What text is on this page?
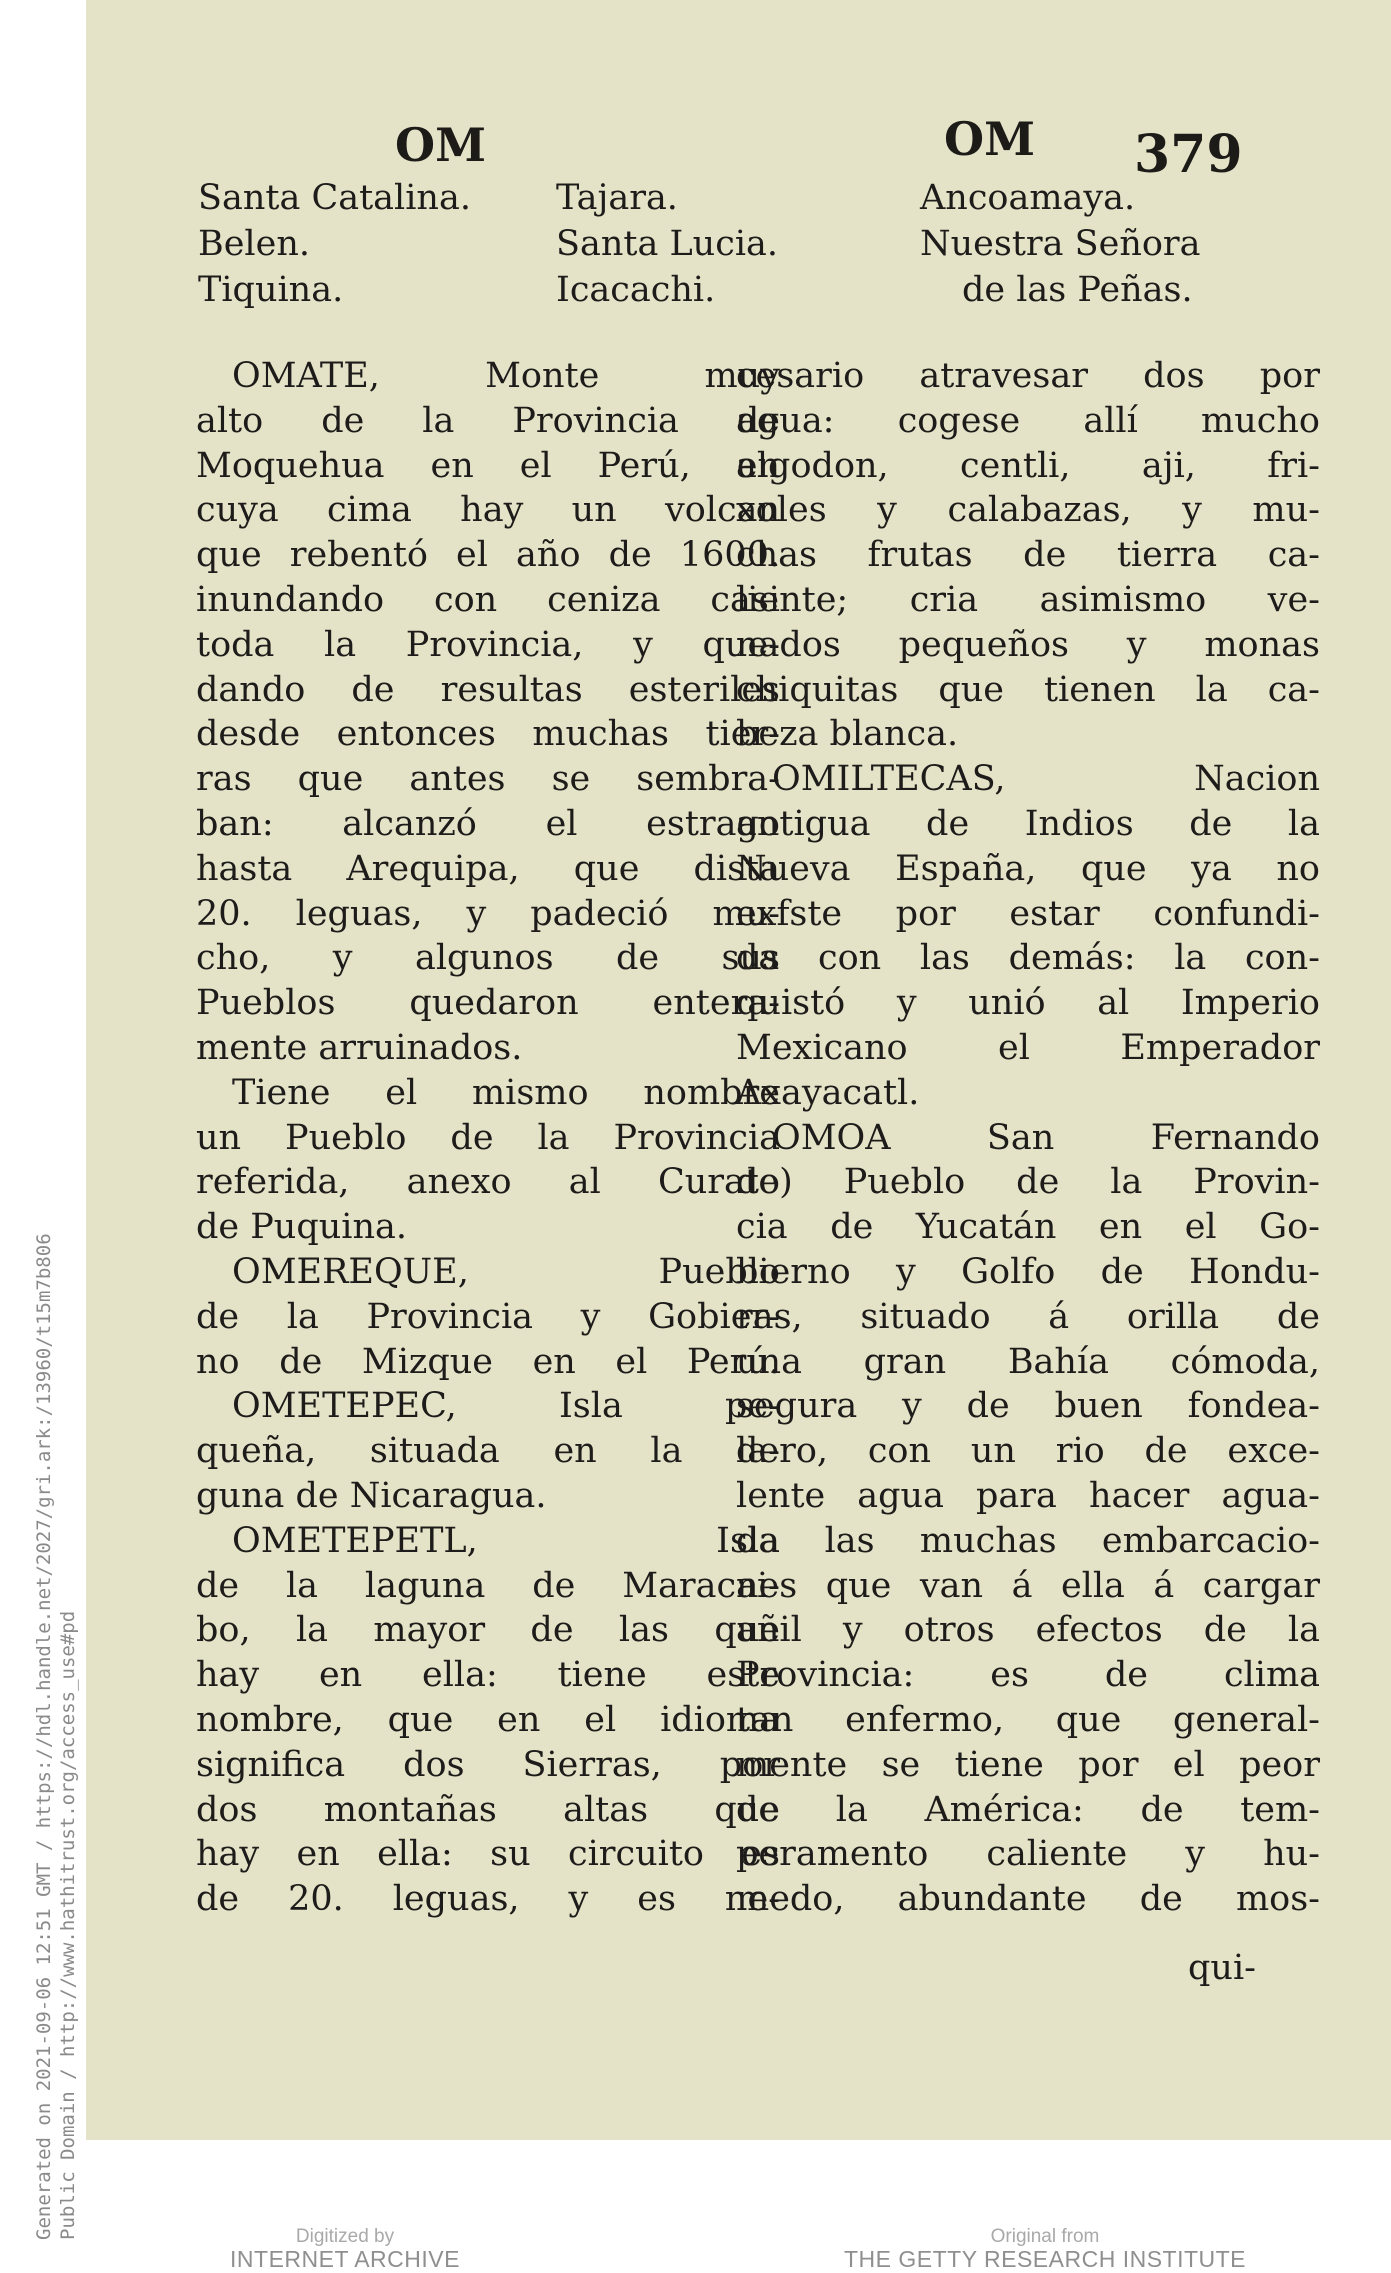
OM	OM 379
Santa Catalina.
Belen.
Tiquina.
Tajara.
Santa Lucia.
Icacachi.
Ancoamaya.
Nuestra Señora
de las Peñas.
OMATE, Monte muy
alto de la Provincia de
Moquehua en el Perú, en
cuya cima hay un volcan
que rebentó el año de 1600.
inundando con ceniza casi
toda la Provincia, y que-
dando de resultas esteriles
desde entonces muchas tier-
ras que antes se sembra-
ban: alcanzó el estrago
hasta Arequipa, que dista
20. leguas, y padeció mu-
cho, y algunos de sus
Pueblos quedaron entera-
mente arruinados.
Tiene el mismo nombre
un Pueblo de la Provincia
referida, anexo al Curato
de Puquina.
OMEREQUE, Pueblo
de la Provincia y Gobier-
no de Mizque en el Perú.
OMETEPEC, Isla pe-
queña, situada en la la-
guna de Nicaragua.
OMETEPETL, Isla
de la laguna de Maracai-
bo, la mayor de las que
hay en ella: tiene este
nombre, que en el idioma
significa dos Sierras, por
dos montañas altas que
hay en ella: su circuito es
de 20. leguas, y es ne-
cesario atravesar dos por
agua: cogese allí mucho
algodon, centli, aji, fri-
xoles y calabazas, y mu-
chas frutas de tierra ca-
liente; cria asimismo ve-
nados pequeños y monas
chiquitas que tienen la ca-
beza blanca.
OMILTECAS, Nacion
antigua de Indios de la
Nueva España, que ya no
exfste por estar confundi-
da con las demás: la con-
quistó y unió al Imperio
Mexicano el Emperador
Axayacatl.
OMOA San Fernando
de) Pueblo de la Provin-
cia de Yucatán en el Go-
bierno y Golfo de Hondu-
ras, situado á orilla de
una gran Bahía cómoda,
segura y de buen fondea-
dero, con un rio de exce-
lente agua para hacer agua-
da las muchas embarcacio-
nes que van á ella á cargar
añil y otros efectos de la
Provincia: es de clima
tan enfermo, que general-
mente se tiene por el peor
de la América: de tem-
peramento caliente y hu-
medo, abundante de mos-
qui-
Generated on 2021-09-06 12:51 GMT / https://hdl.handle.net/2027/gri.ark:/13960/t15m7b806 Public Domain / http://www.hathitrust.org/access_use#pd	Digitized by
INTERNET ARCHIVE
Original from
THE GETTY RESEARCH INSTITUTE
